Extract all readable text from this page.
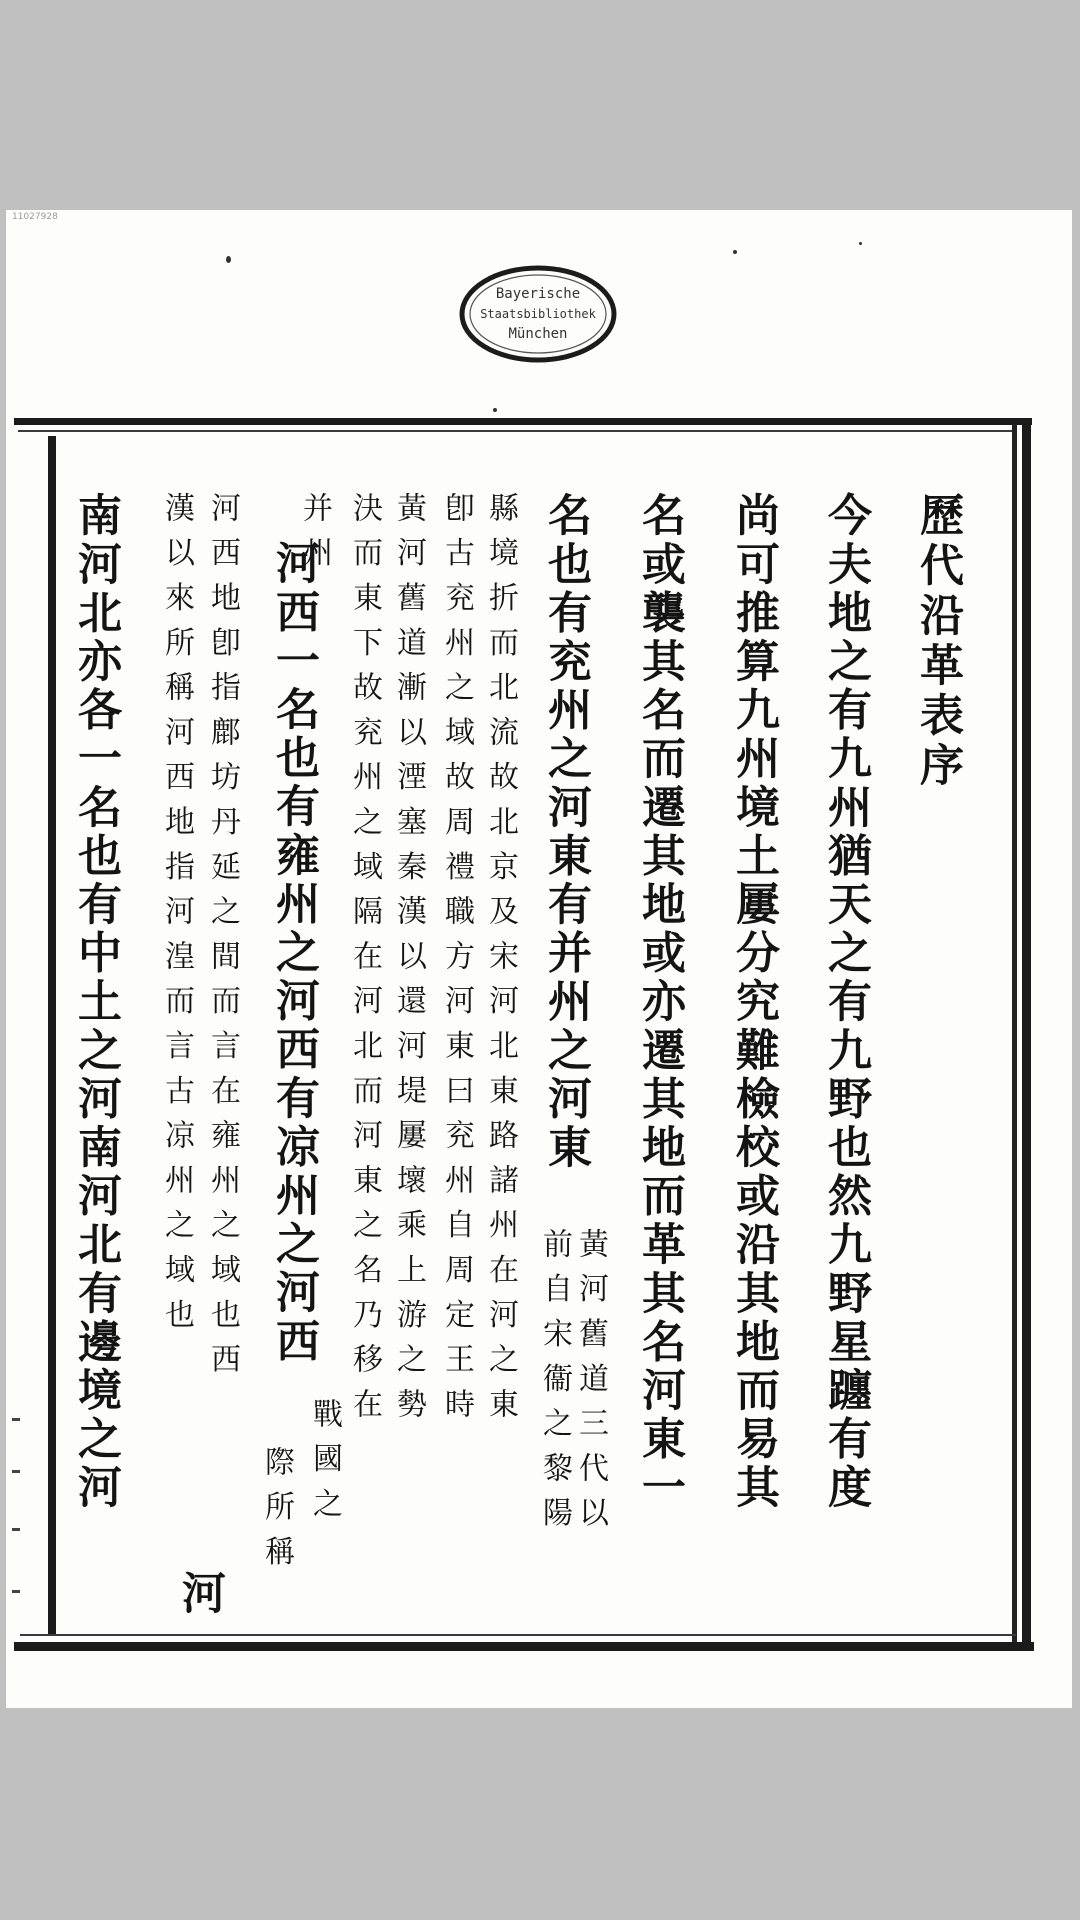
11027928
Bayerische
Staatsbibliothek
München
歷代沿革表序
今夫地之有九州猶天之有九野也然九野星躔有度
尚可推算九州境土屢分究難檢校或沿其地而易其
名或襲其名而遷其地或亦遷其地而革其名河東一
名也有兖州之河東有并州之河東
黃河舊道三代以
前自宋衞之黎陽
縣境折而北流故北京及宋河北東路諸州在河之東
卽古兖州之域故周禮職方河東曰兖州自周定王時
黃河舊道漸以湮塞秦漢以還河堤屢壞乘上游之勢
決而東下故兖州之域隔在河北而河東之名乃移在
并州
河西一名也有雍州之河西有凉州之河西
戰國之
際所稱
河西地卽指鄜坊丹延之間而言在雍州之域也西
漢以來所稱河西地指河湟而言古凉州之域也
河
南河北亦各一名也有中土之河南河北有邊境之河
